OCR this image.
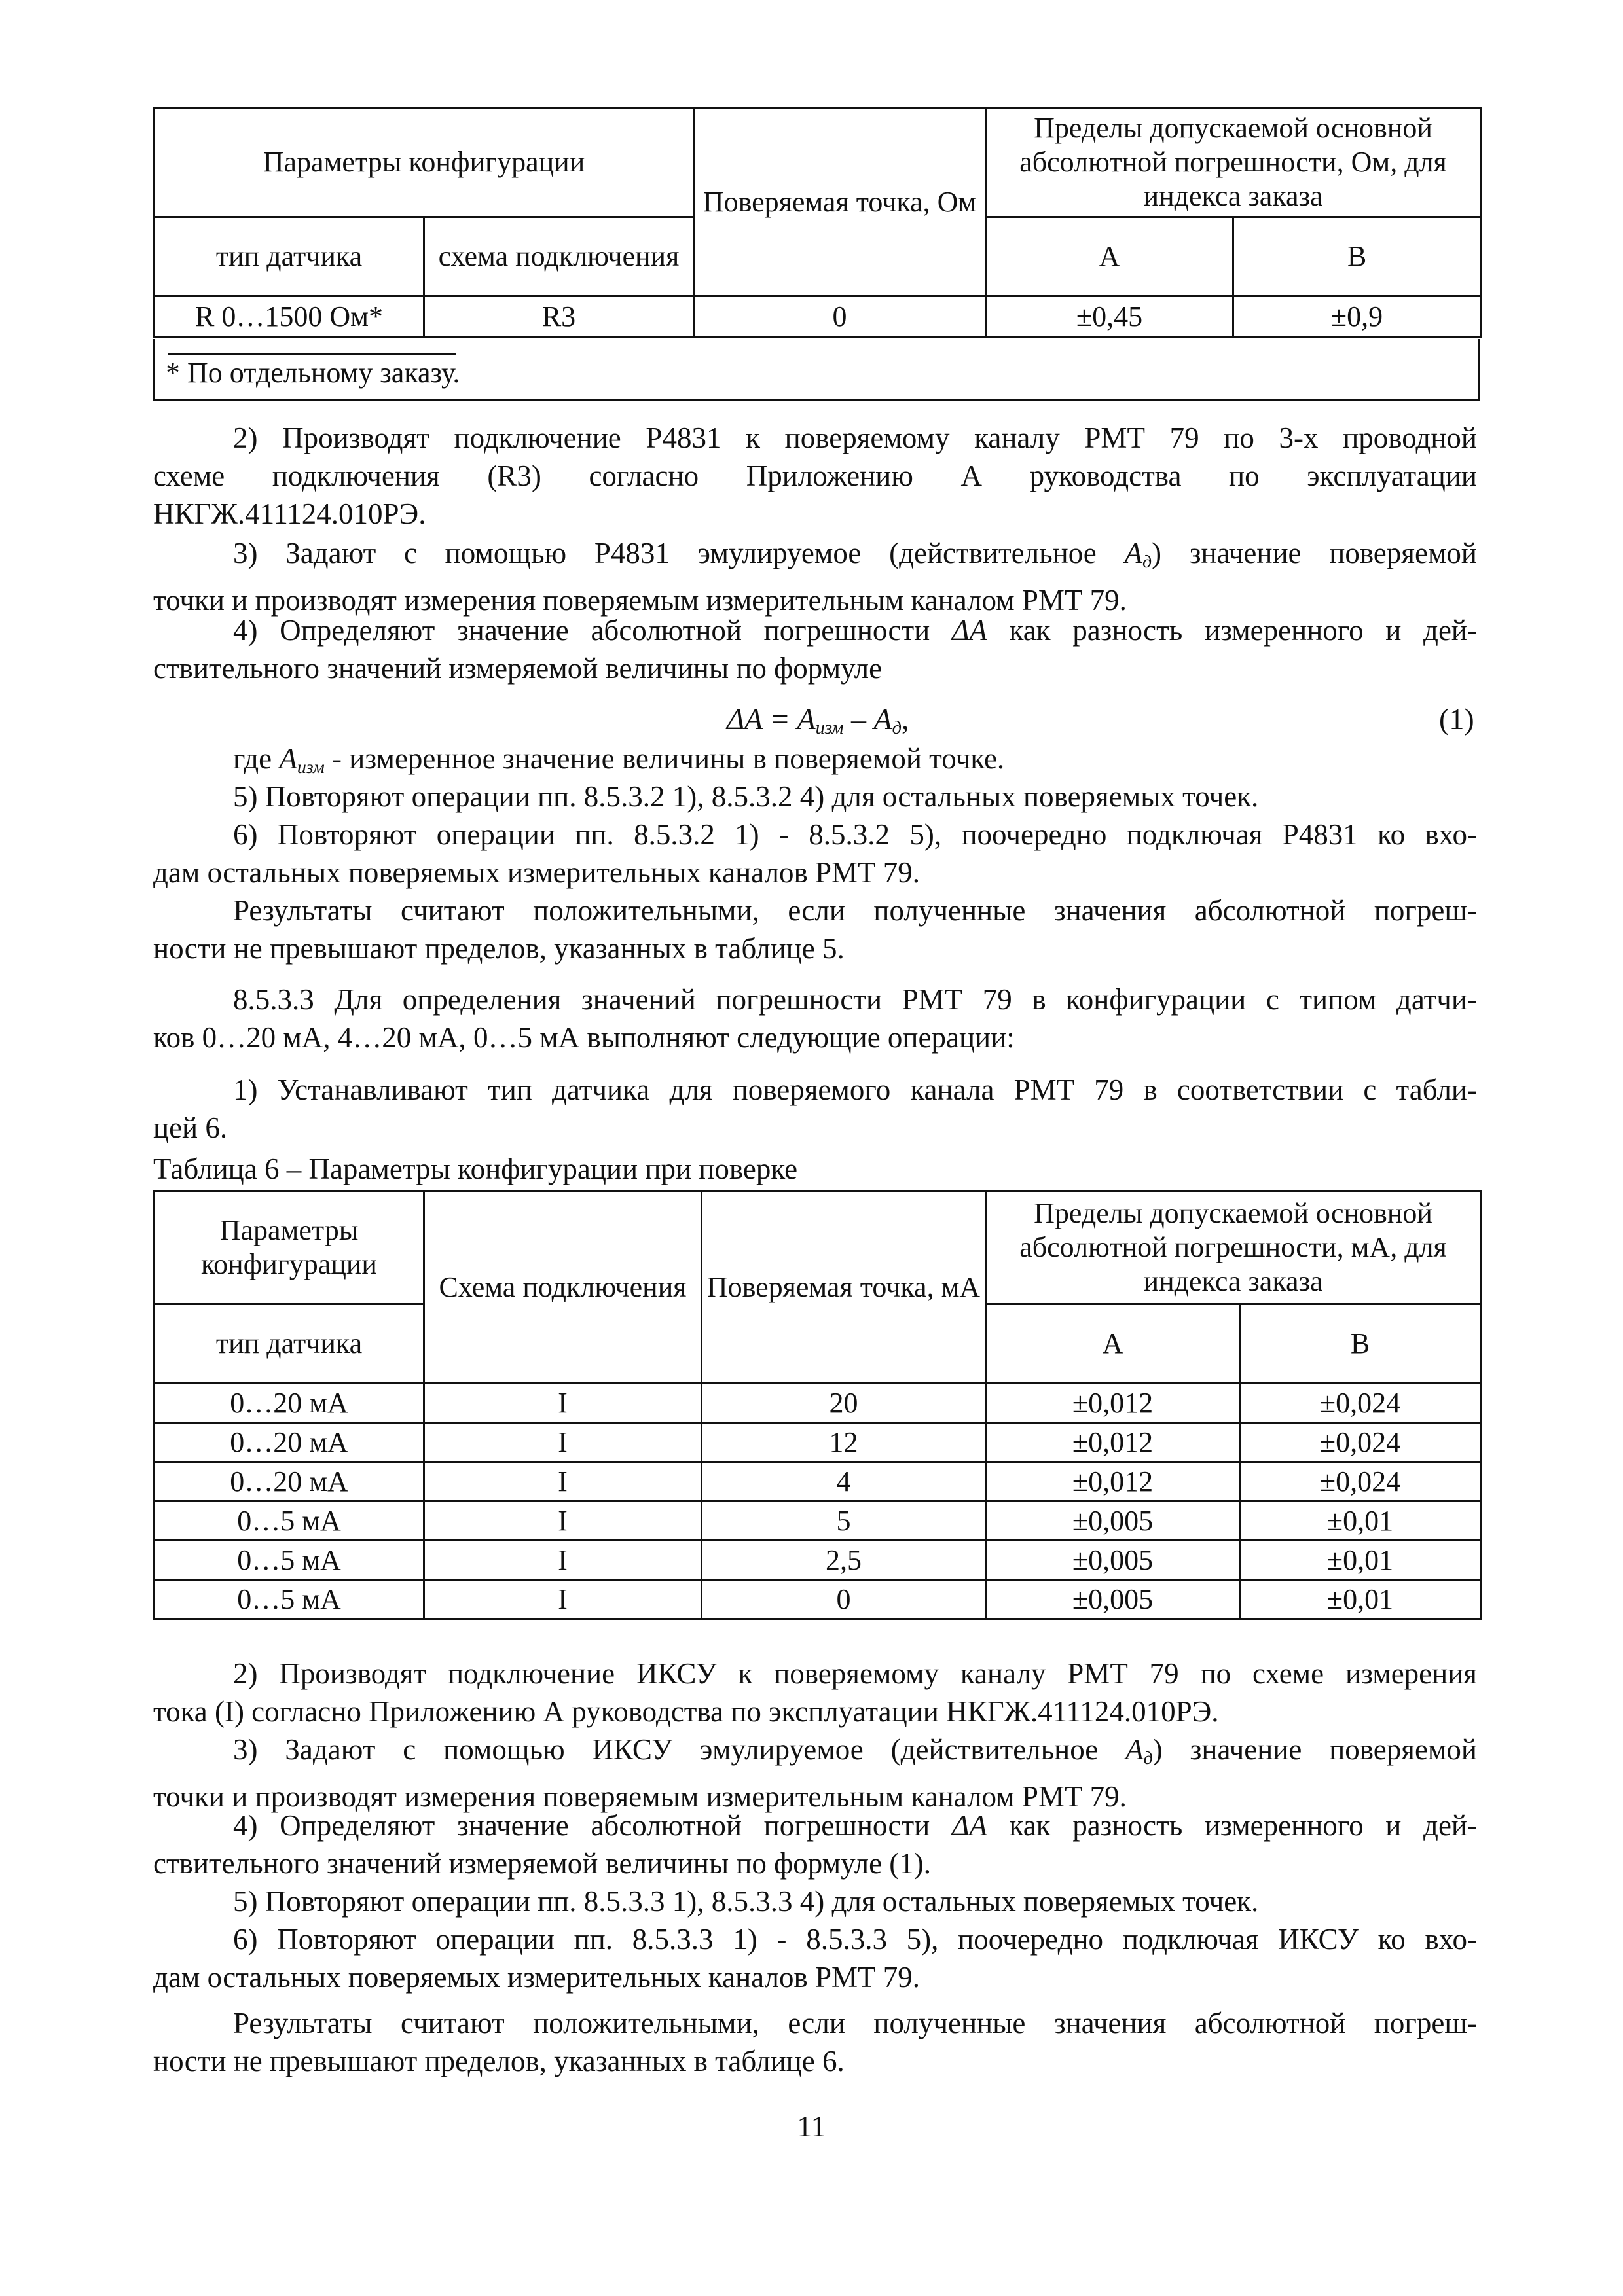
Параметры конфигурации		Поверяемая точка, Ом	Пределы допускаемой основной абсолютной погрешности, Ом, для индекса заказа	
тип датчика	схема подключения			
			А	В
R 0…1500 Ом*	R3	0	±0,45	±0,9
* По отдельному заказу.
2) Производят подключение Р4831 к поверяемому каналу РМТ 79 по 3-х проводной
схеме подключения (R3) согласно Приложению А руководства по эксплуатации
НКГЖ.411124.010РЭ.
3) Задают с помощью Р4831 эмулируемое (действительное $A_д$) значение поверяемой
точки и производят измерения поверяемым измерительным каналом РМТ 79.
4) Определяют значение абсолютной погрешности ΔA как разность измеренного и дей-
ствительного значений измеряемой величины по формуле
$\Delta A = A_{изм} - A_д$,	(1)
где $A_{изм}$ - измеренное значение величины в поверяемой точке.
5) Повторяют операции пп. 8.5.3.2 1), 8.5.3.2 4) для остальных поверяемых точек.
6) Повторяют операции пп. 8.5.3.2 1) - 8.5.3.2 5), поочередно подключая Р4831 ко вхо-
дам остальных поверяемых измерительных каналов РМТ 79.
Результаты считают положительными, если полученные значения абсолютной погреш-
ности не превышают пределов, указанных в таблице 5.
8.5.3.3 Для определения значений погрешности РМТ 79 в конфигурации с типом датчи-
ков 0…20 мА, 4…20 мА, 0…5 мА выполняют следующие операции:
1) Устанавливают тип датчика для поверяемого канала РМТ 79 в соответствии с табли-
цей 6.
Таблица 6 – Параметры конфигурации при поверке
Параметры конфигурации	Схема подключения	Поверяемая точка, мА	Пределы допускаемой основной абсолютной погрешности, мА, для индекса заказа	
тип датчика				
			А	В
0…20 мА	I	20	±0,012	±0,024
0…20 мА	I	12	±0,012	±0,024
0…20 мА	I	4	±0,012	±0,024
0…5 мА	I	5	±0,005	±0,01
0…5 мА	I	2,5	±0,005	±0,01
0…5 мА	I	0	±0,005	±0,01
2) Производят подключение ИКСУ к поверяемому каналу РМТ 79 по схеме измерения
тока (I) согласно Приложению А руководства по эксплуатации НКГЖ.411124.010РЭ.
3) Задают с помощью ИКСУ эмулируемое (действительное $A_д$) значение поверяемой
точки и производят измерения поверяемым измерительным каналом РМТ 79.
4) Определяют значение абсолютной погрешности ΔA как разность измеренного и дей-
ствительного значений измеряемой величины по формуле (1).
5) Повторяют операции пп. 8.5.3.3 1), 8.5.3.3 4) для остальных поверяемых точек.
6) Повторяют операции пп. 8.5.3.3 1) - 8.5.3.3 5), поочередно подключая ИКСУ ко вхо-
дам остальных поверяемых измерительных каналов РМТ 79.
Результаты считают положительными, если полученные значения абсолютной погреш-
ности не превышают пределов, указанных в таблице 6.
11
